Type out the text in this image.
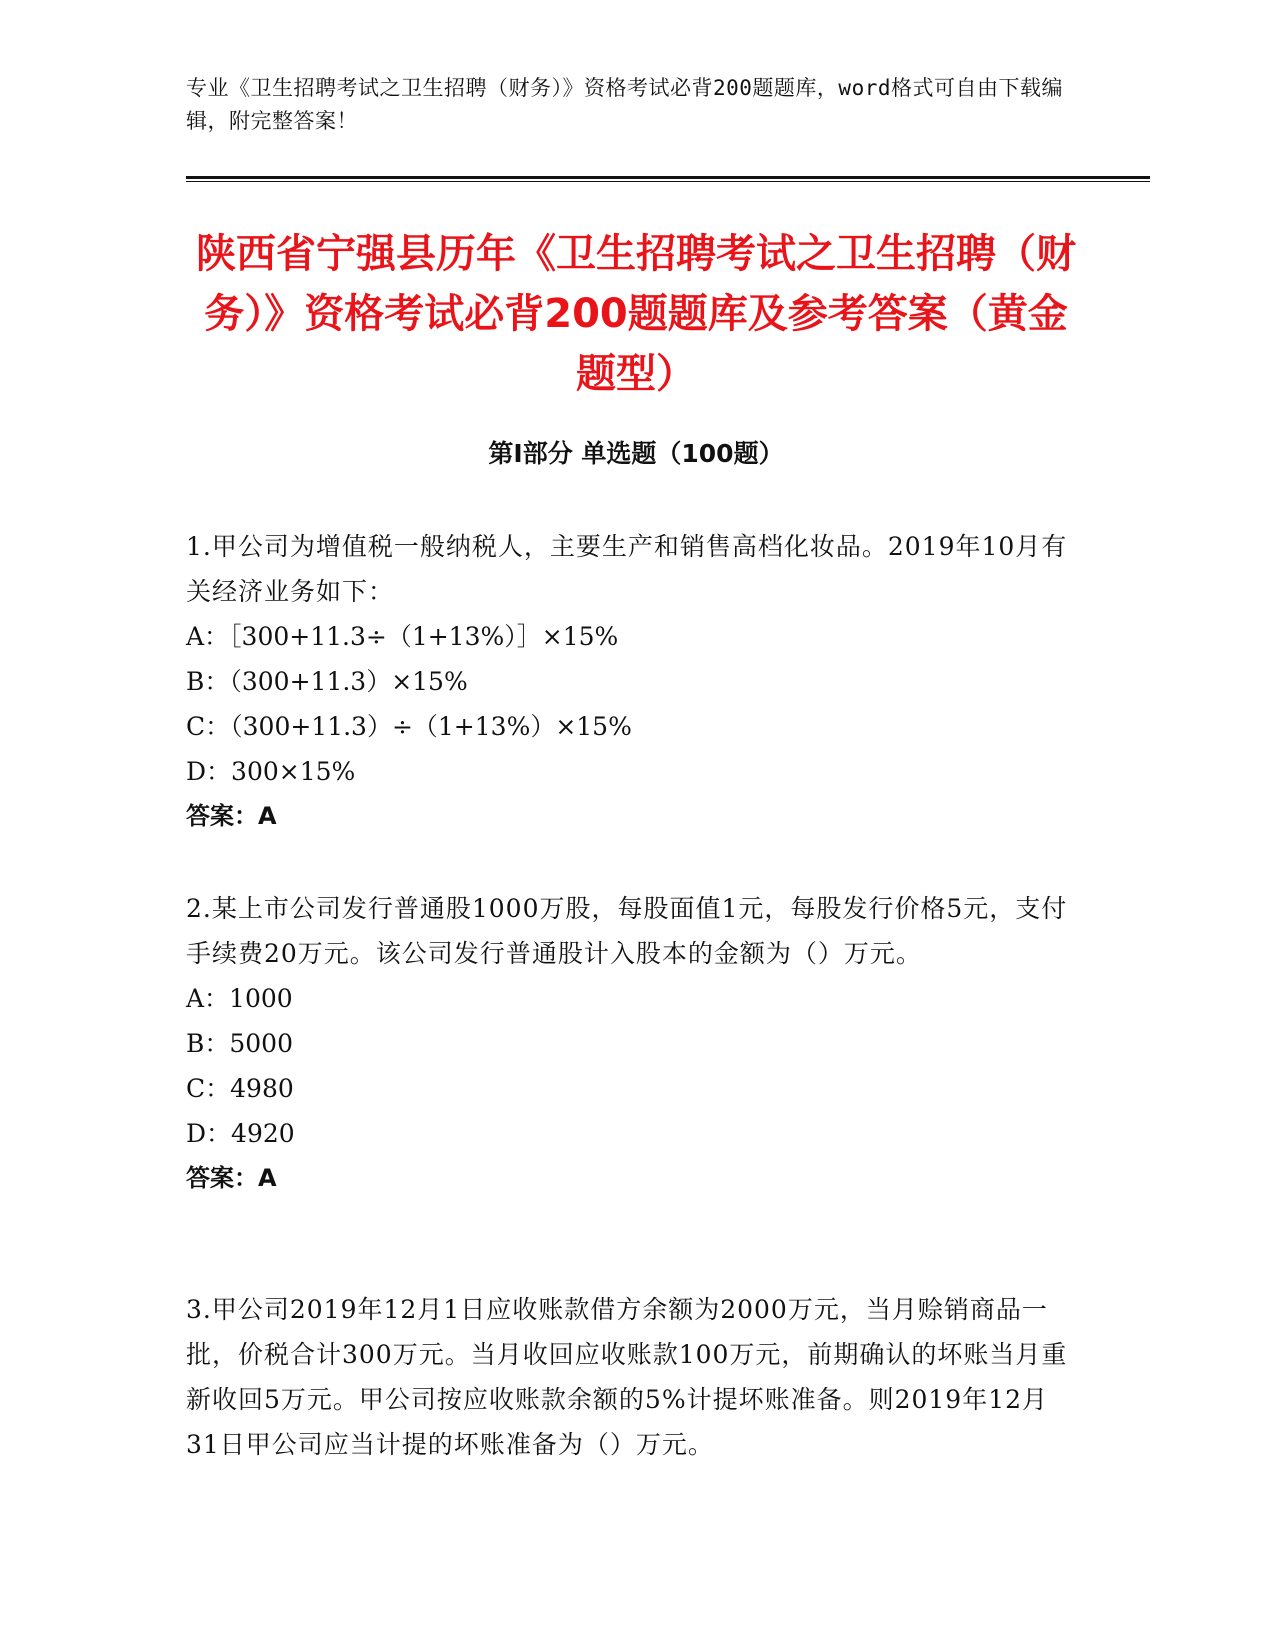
专业《卫生招聘考试之卫生招聘（财务）》资格考试必背200题题库，word格式可自由下载编辑，附完整答案！
陕西省宁强县历年《卫生招聘考试之卫生招聘（财务）》资格考试必背200题题库及参考答案（黄金题型）
第I部分 单选题（100题）

1.甲公司为增值税一般纳税人，主要生产和销售高档化妆品。2019年10月有关经济业务如下：

A：［300+11.3÷（1+13%）］×15%

B：（300+11.3）×15%

C：（300+11.3）÷（1+13%）×15%

D：300×15%

答案：A

2.某上市公司发行普通股1000万股，每股面值1元，每股发行价格5元，支付手续费20万元。该公司发行普通股计入股本的金额为（）万元。

A：1000

B：5000

C：4980

D：4920

答案：A

3.甲公司2019年12月1日应收账款借方余额为2000万元，当月赊销商品一批，价税合计300万元。当月收回应收账款100万元，前期确认的坏账当月重新收回5万元。甲公司按应收账款余额的5%计提坏账准备。则2019年12月31日甲公司应当计提的坏账准备为（）万元。
